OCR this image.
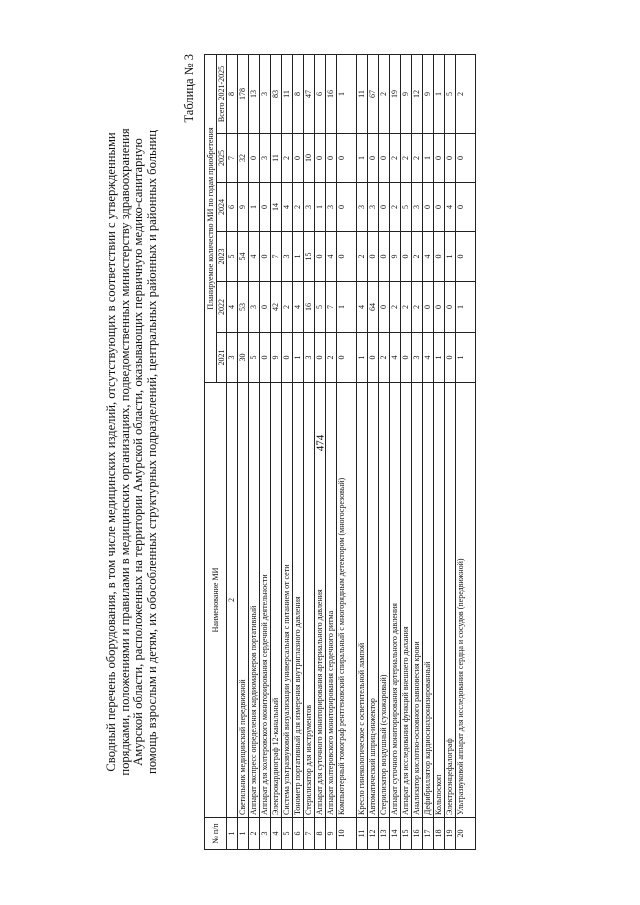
474
Сводный перечень оборудования, в том числе медицинских изделий, отсутствующих в соответствии с утвержденными порядками, положениями и правилами в медицинских организациях, подведомственных министерству здравоохранения Амурской области, расположенных на территории Амурской области, оказывающих первичную медико-санитарную помощь взрослым и детям, их обособленных структурных подразделений, центральных районных и районных больниц
Таблица № 3
№ п/п	Наименование МИ	Планируемое количество МИ по годам приобретения					
		2021	2022	2023	2024	2025	Всего 2021-2025
1	2	3	4	5	6	7	8
1	Светильник медицинский передвижной	30	53	54	9	32	178
2	Аппарат экспресс определения кардиомаркеров портативный	5	3	4	1	0	13
3	Аппарат для холтеровского мониторирования сердечной деятельности	0	0	0	0	3	3
4	Электрокардиограф 12-канальный	9	42	7	14	11	83
5	Система ультразвуковой визуализации универсальная с питанием от сети	0	2	3	4	2	11
6	Тонометр портативный для измерения внутриглазного давления	1	4	1	2	0	8
7	Стерилизатор для инструментов	3	16	15	3	10	47
8	Аппарат для суточного мониторирования артериального давления	0	5	0	1	0	6
9	Аппарат холтеровского мониторирования сердечного ритма	2	7	4	3	0	16
10	Компьютерный томограф рентгеновский спиральный с многорядным детектором (многосрезовый)	0	1	0	0	0	1
11	Кресло гинекологическое с осветительной лампой	1	4	2	3	1	11
12	Автоматический шприц-инжектор	0	64	0	3	0	67
13	Стерилизатор воздушный (сухожаровый)	2	0	0	0	0	2
14	Аппарат суточного мониторирования артериального давления	4	2	9	2	2	19
15	Аппарат для исследования функций внешнего дыхания	0	2	0	5	2	9
16	Анализатор кислотно-основного равновесия крови	3	2	2	3	2	12
17	Дефибриллятор кардиосинхронизированный	4	0	4	0	1	9
18	Кольпоскоп	1	0	0	0	0	1
19	Электроэнцефалограф	0	0	1	4	0	5
20	Ультразвуковой аппарат для исследования сердца и сосудов (передвижной)	1	1	0	0	0	2
